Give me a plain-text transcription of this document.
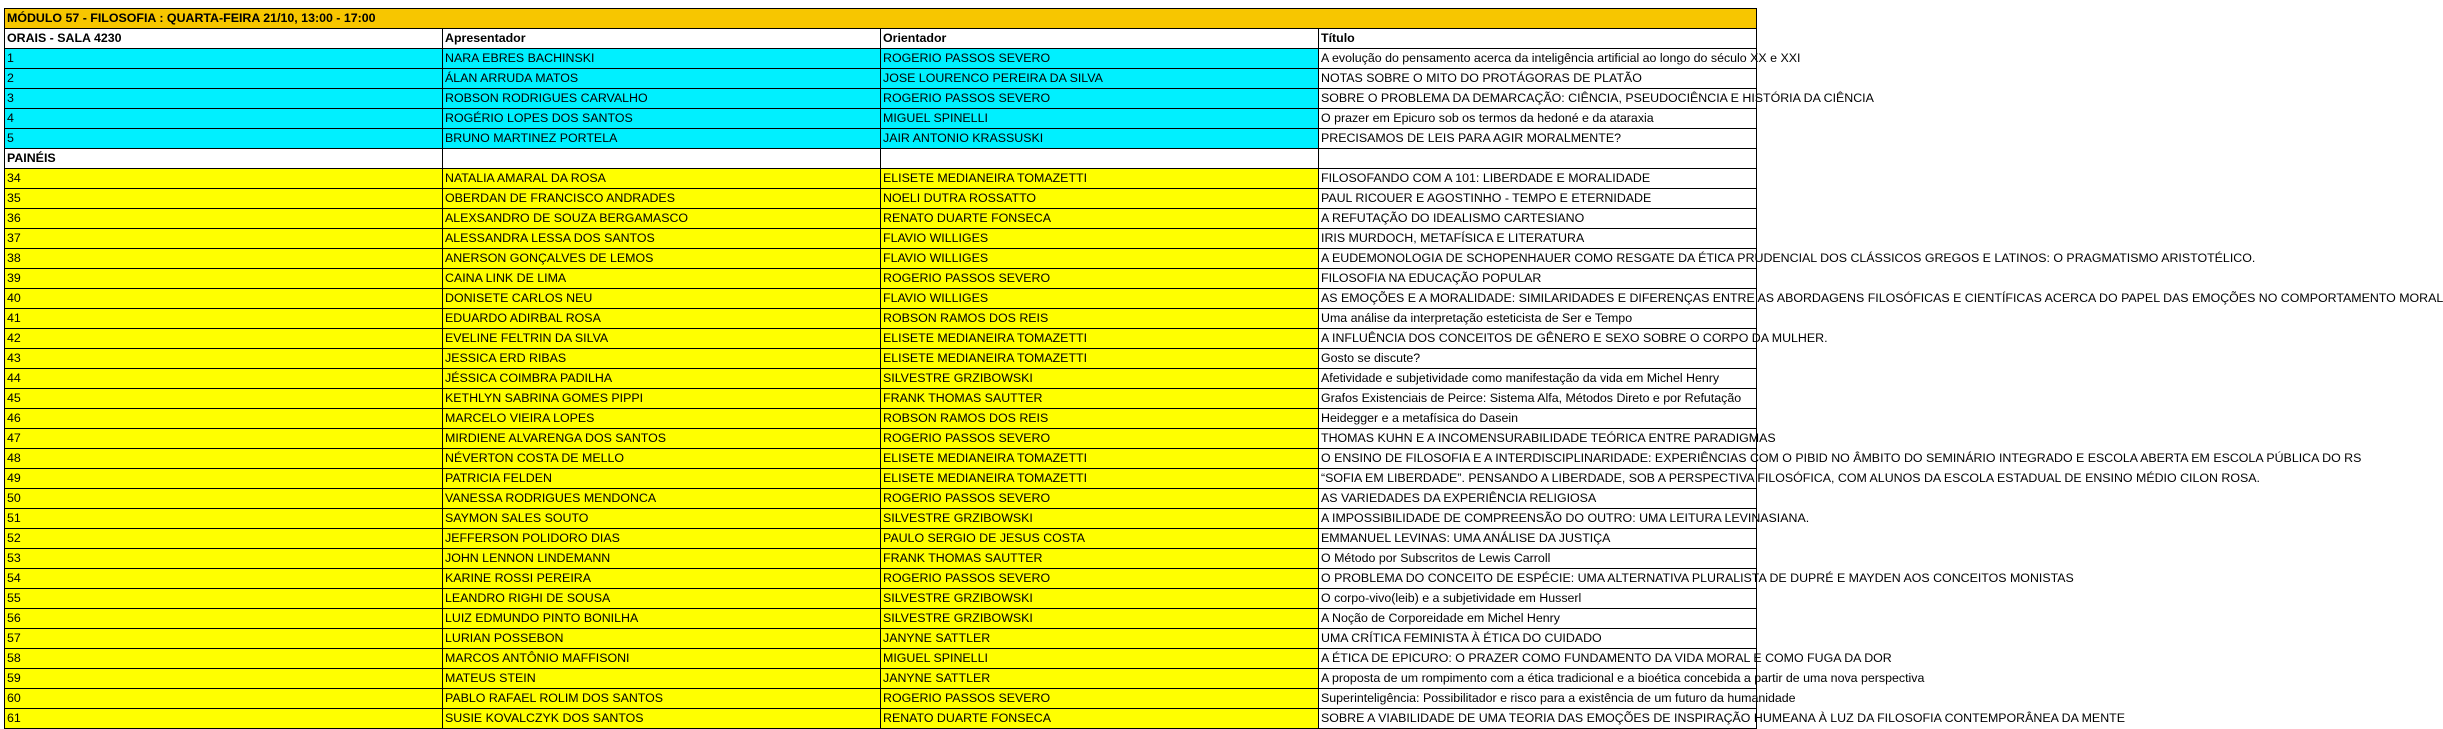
MÓDULO 57 - FILOSOFIA : QUARTA-FEIRA 21/10, 13:00 - 17:00			
ORAIS - SALA 4230	Apresentador	Orientador	Título
1	NARA EBRES BACHINSKI	ROGERIO PASSOS SEVERO	A evolução do pensamento acerca da inteligência artificial ao longo do século XX e XXI
2	ÁLAN ARRUDA MATOS	JOSE LOURENCO PEREIRA DA SILVA	NOTAS SOBRE O MITO DO PROTÁGORAS DE PLATÃO
3	ROBSON RODRIGUES CARVALHO	ROGERIO PASSOS SEVERO	SOBRE O PROBLEMA DA DEMARCAÇÃO: CIÊNCIA, PSEUDOCIÊNCIA E HISTÓRIA DA CIÊNCIA
4	ROGÉRIO LOPES DOS SANTOS	MIGUEL SPINELLI	O prazer em Epicuro sob os termos da hedoné e da ataraxia
5	BRUNO MARTINEZ PORTELA	JAIR ANTONIO KRASSUSKI	PRECISAMOS DE LEIS PARA AGIR MORALMENTE?
PAINÉIS			
34	NATALIA AMARAL DA ROSA	ELISETE MEDIANEIRA TOMAZETTI	FILOSOFANDO COM A 101: LIBERDADE E MORALIDADE
35	OBERDAN DE FRANCISCO ANDRADES	NOELI DUTRA ROSSATTO	PAUL RICOUER E AGOSTINHO - TEMPO E ETERNIDADE
36	ALEXSANDRO DE SOUZA BERGAMASCO	RENATO DUARTE FONSECA	A REFUTAÇÃO DO IDEALISMO CARTESIANO
37	ALESSANDRA LESSA DOS SANTOS	FLAVIO WILLIGES	IRIS MURDOCH, METAFÍSICA E LITERATURA
38	ANERSON GONÇALVES DE LEMOS	FLAVIO WILLIGES	A EUDEMONOLOGIA DE SCHOPENHAUER COMO RESGATE DA ÉTICA PRUDENCIAL DOS CLÁSSICOS GREGOS E LATINOS: O PRAGMATISMO ARISTOTÉLICO.
39	CAINA LINK DE LIMA	ROGERIO PASSOS SEVERO	FILOSOFIA NA EDUCAÇÃO POPULAR
40	DONISETE CARLOS NEU	FLAVIO WILLIGES	AS EMOÇÕES E A MORALIDADE: SIMILARIDADES E DIFERENÇAS ENTRE AS ABORDAGENS FILOSÓFICAS E CIENTÍFICAS ACERCA DO PAPEL DAS EMOÇÕES NO COMPORTAMENTO MORAL
41	EDUARDO ADIRBAL ROSA	ROBSON RAMOS DOS REIS	Uma análise da interpretação esteticista de Ser e Tempo
42	EVELINE FELTRIN DA SILVA	ELISETE MEDIANEIRA TOMAZETTI	A INFLUÊNCIA DOS CONCEITOS DE GÊNERO E SEXO SOBRE O CORPO DA MULHER.
43	JESSICA ERD RIBAS	ELISETE MEDIANEIRA TOMAZETTI	Gosto se discute?
44	JÉSSICA COIMBRA PADILHA	SILVESTRE GRZIBOWSKI	Afetividade e subjetividade como manifestação da vida em Michel Henry
45	KETHLYN SABRINA GOMES PIPPI	FRANK THOMAS SAUTTER	Grafos Existenciais de Peirce: Sistema Alfa, Métodos Direto e por Refutação
46	MARCELO VIEIRA LOPES	ROBSON RAMOS DOS REIS	Heidegger e a metafísica do Dasein
47	MIRDIENE ALVARENGA DOS SANTOS	ROGERIO PASSOS SEVERO	THOMAS KUHN E A INCOMENSURABILIDADE TEÓRICA ENTRE PARADIGMAS
48	NÉVERTON COSTA DE MELLO	ELISETE MEDIANEIRA TOMAZETTI	O ENSINO DE FILOSOFIA E A INTERDISCIPLINARIDADE: EXPERIÊNCIAS COM O PIBID NO ÂMBITO DO SEMINÁRIO INTEGRADO E ESCOLA ABERTA EM ESCOLA PÚBLICA DO RS
49	PATRICIA FELDEN	ELISETE MEDIANEIRA TOMAZETTI	“SOFIA EM LIBERDADE”. PENSANDO A LIBERDADE, SOB A PERSPECTIVA FILOSÓFICA, COM ALUNOS DA ESCOLA ESTADUAL DE ENSINO MÉDIO CILON ROSA.
50	VANESSA RODRIGUES MENDONCA	ROGERIO PASSOS SEVERO	AS VARIEDADES DA EXPERIÊNCIA RELIGIOSA
51	SAYMON SALES SOUTO	SILVESTRE GRZIBOWSKI	A IMPOSSIBILIDADE DE COMPREENSÃO DO OUTRO: UMA LEITURA LEVINASIANA.
52	JEFFERSON POLIDORO DIAS	PAULO SERGIO DE JESUS COSTA	EMMANUEL LEVINAS: UMA ANÁLISE DA JUSTIÇA
53	JOHN LENNON LINDEMANN	FRANK THOMAS SAUTTER	O Método por Subscritos de Lewis Carroll
54	KARINE ROSSI PEREIRA	ROGERIO PASSOS SEVERO	O PROBLEMA DO CONCEITO DE ESPÉCIE: UMA ALTERNATIVA PLURALISTA DE DUPRÉ E MAYDEN AOS CONCEITOS MONISTAS
55	LEANDRO RIGHI DE SOUSA	SILVESTRE GRZIBOWSKI	O corpo-vivo(leib) e a subjetividade em Husserl
56	LUIZ EDMUNDO PINTO BONILHA	SILVESTRE GRZIBOWSKI	A Noção de Corporeidade em Michel Henry
57	LURIAN POSSEBON	JANYNE SATTLER	UMA CRÍTICA FEMINISTA À ÉTICA DO CUIDADO
58	MARCOS ANTÔNIO MAFFISONI	MIGUEL SPINELLI	A ÉTICA DE EPICURO: O PRAZER COMO FUNDAMENTO DA VIDA MORAL E COMO FUGA DA DOR
59	MATEUS STEIN	JANYNE SATTLER	A proposta de um rompimento com a ética tradicional e a bioética concebida a partir de uma nova perspectiva
60	PABLO RAFAEL ROLIM DOS SANTOS	ROGERIO PASSOS SEVERO	Superinteligência: Possibilitador e risco para a existência de um futuro da humanidade
61	SUSIE KOVALCZYK DOS SANTOS	RENATO DUARTE FONSECA	SOBRE A VIABILIDADE DE UMA TEORIA DAS EMOÇÕES DE INSPIRAÇÃO HUMEANA À LUZ DA FILOSOFIA CONTEMPORÂNEA DA MENTE
